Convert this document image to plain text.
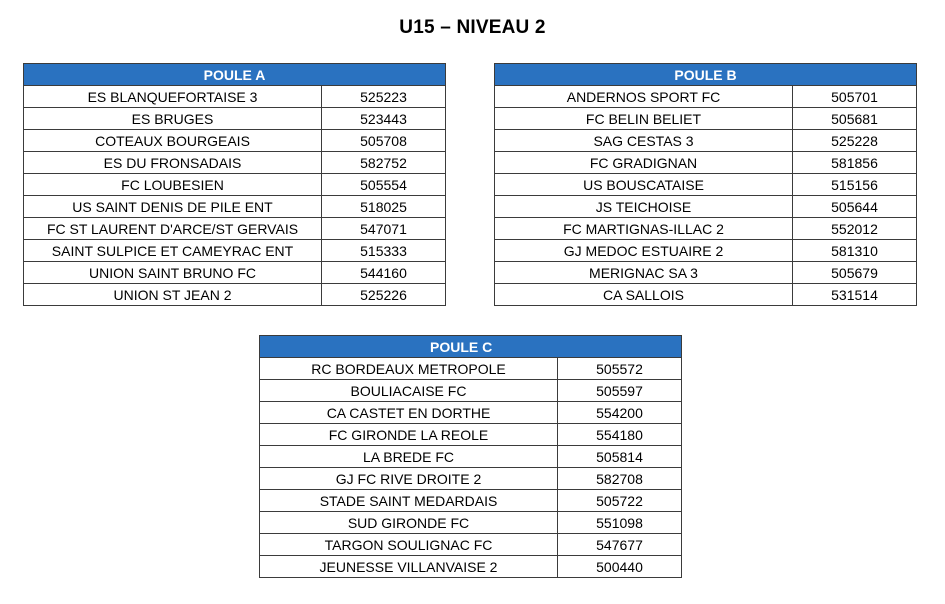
U15 – NIVEAU 2
POULE A	
ES BLANQUEFORTAISE 3	525223
ES BRUGES	523443
COTEAUX BOURGEAIS	505708
ES DU FRONSADAIS	582752
FC LOUBESIEN	505554
US SAINT DENIS DE PILE ENT	518025
FC ST LAURENT D'ARCE/ST GERVAIS	547071
SAINT SULPICE ET CAMEYRAC ENT	515333
UNION SAINT BRUNO FC	544160
UNION ST JEAN 2	525226
POULE B	
ANDERNOS SPORT FC	505701
FC BELIN BELIET	505681
SAG CESTAS 3	525228
FC GRADIGNAN	581856
US BOUSCATAISE	515156
JS TEICHOISE	505644
FC MARTIGNAS-ILLAC 2	552012
GJ MEDOC ESTUAIRE 2	581310
MERIGNAC SA 3	505679
CA SALLOIS	531514
POULE C	
RC BORDEAUX METROPOLE	505572
BOULIACAISE FC	505597
CA CASTET EN DORTHE	554200
FC GIRONDE LA REOLE	554180
LA BREDE FC	505814
GJ FC RIVE DROITE 2	582708
STADE SAINT MEDARDAIS	505722
SUD GIRONDE FC	551098
TARGON SOULIGNAC FC	547677
JEUNESSE VILLANVAISE 2	500440
